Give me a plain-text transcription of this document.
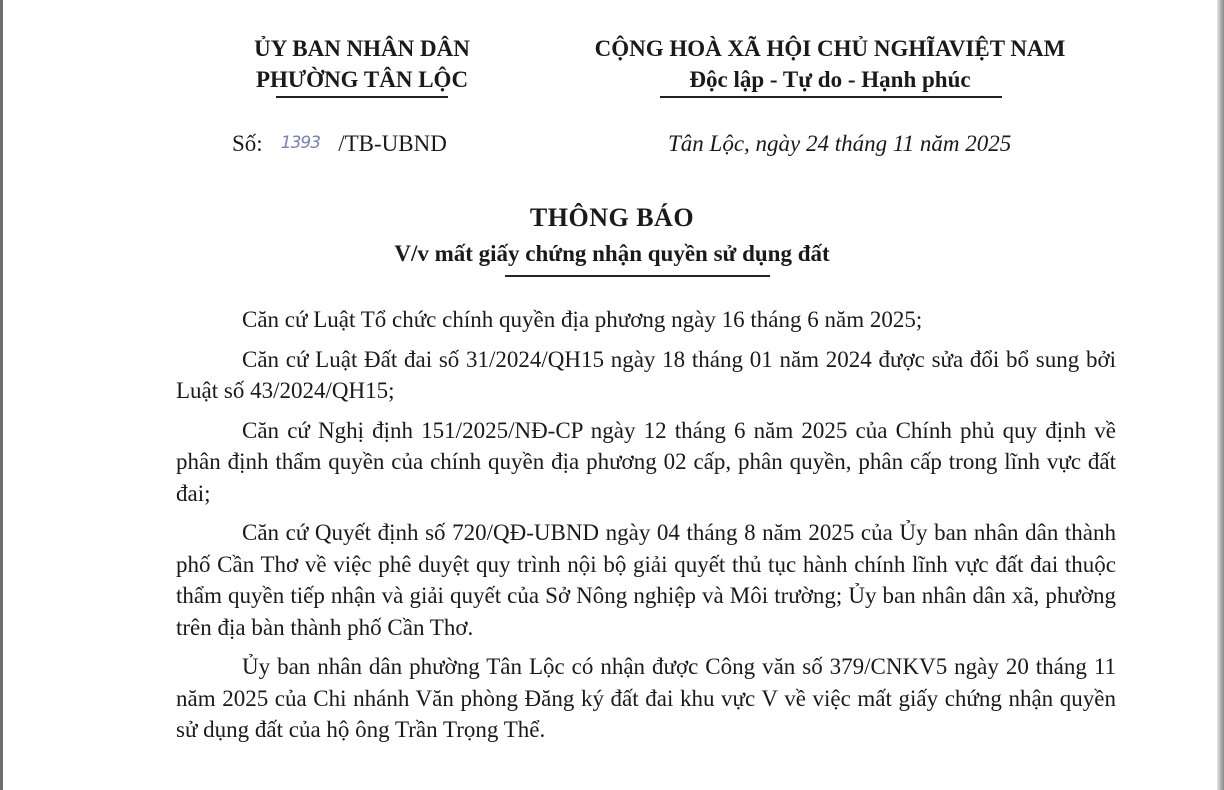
ỦY BAN NHÂN DÂN
PHƯỜNG TÂN LỘC
CỘNG HOÀ XÃ HỘI CHỦ NGHĨAVIỆT NAM
Độc lập - Tự do - Hạnh phúc
Số: 1393 /TB-UBND	Tân Lộc, ngày 24 tháng 11 năm 2025
THÔNG BÁO
V/v mất giấy chứng nhận quyền sử dụng đất

Căn cứ Luật Tổ chức chính quyền địa phương ngày 16 tháng 6 năm 2025;

Căn cứ Luật Đất đai số 31/2024/QH15 ngày 18 tháng 01 năm 2024 được sửa đổi bổ sung bởi Luật số 43/2024/QH15;

Căn cứ Nghị định 151/2025/NĐ-CP ngày 12 tháng 6 năm 2025 của Chính phủ quy định về phân định thẩm quyền của chính quyền địa phương 02 cấp, phân quyền, phân cấp trong lĩnh vực đất đai;

Căn cứ Quyết định số 720/QĐ-UBND ngày 04 tháng 8 năm 2025 của Ủy ban nhân dân thành phố Cần Thơ về việc phê duyệt quy trình nội bộ giải quyết thủ tục hành chính lĩnh vực đất đai thuộc thẩm quyền tiếp nhận và giải quyết của Sở Nông nghiệp và Môi trường; Ủy ban nhân dân xã, phường trên địa bàn thành phố Cần Thơ.

Ủy ban nhân dân phường Tân Lộc có nhận được Công văn số 379/CNKV5 ngày 20 tháng 11 năm 2025 của Chi nhánh Văn phòng Đăng ký đất đai khu vực V về việc mất giấy chứng nhận quyền sử dụng đất của hộ ông Trần Trọng Thể.
